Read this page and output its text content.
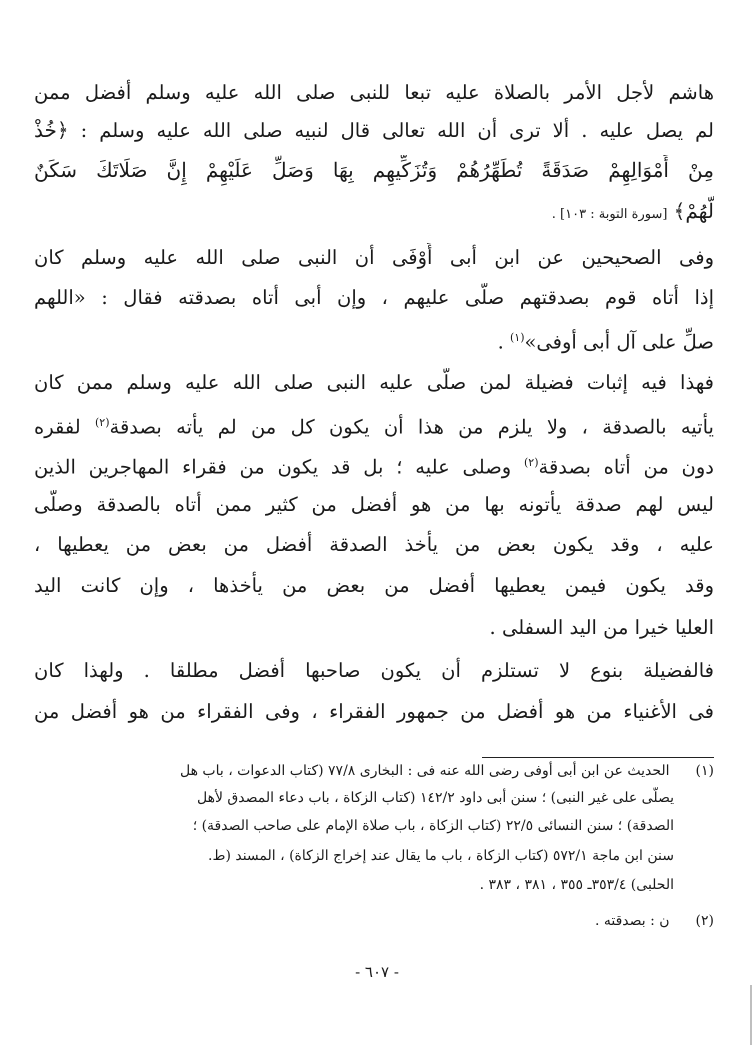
هاشم لأجل الأمر بالصلاة عليه تبعا للنبى صلى الله عليه وسلم أفضل ممن
لم يصل عليه . ألا ترى أن الله تعالى قال لنبيه صلى الله عليه وسلم : ﴿خُذْ
مِنْ أَمْوَالِهِمْ صَدَقَةً تُطَهِّرُهُمْ وَتُزَكِّيهِم بِهَا وَصَلِّ عَلَيْهِمْ إِنَّ صَلَاتَكَ سَكَنٌ
لَّهُمْ﴾ [سورة التوبة : ١٠٣] .
وفى الصحيحين عن ابن أبى أَوْفَى أن النبى صلى الله عليه وسلم كان
إذا أتاه قوم بصدقتهم صلَّى عليهم ، وإن أبى أتاه بصدقته فقال : «اللهم
صلِّ على آل أبى أوفى»$^{(١)}$ .
فهذا فيه إثبات فضيلة لمن صلَّى عليه النبى صلى الله عليه وسلم ممن كان
يأتيه بالصدقة ، ولا يلزم من هذا أن يكون كل من لم يأته بصدقة$^{(٢)}$ لفقره
دون من أتاه بصدقة$^{(٢)}$ وصلى عليه ؛ بل قد يكون من فقراء المهاجرين الذين
ليس لهم صدقة يأتونه بها من هو أفضل من كثير ممن أتاه بالصدقة وصلَّى
عليه ، وقد يكون بعض من يأخذ الصدقة أفضل من بعض من يعطيها ،
وقد يكون فيمن يعطيها أفضل من بعض من يأخذها ، وإن كانت اليد
العليا خيرا من اليد السفلى .
فالفضيلة بنوع لا تستلزم أن يكون صاحبها أفضل مطلقا . ولهذا كان
فى الأغنياء من هو أفضل من جمهور الفقراء ، وفى الفقراء من هو أفضل من
(١) الحديث عن ابن أبى أوفى رضى الله عنه فى : البخارى ٧٧/٨ (كتاب الدعوات ، باب هل
يصلَّى على غير النبى) ؛ سنن أبى داود ١٤٢/٢ (كتاب الزكاة ، باب دعاء المصدق لأهل
الصدقة) ؛ سنن النسائى ٢٢/٥ (كتاب الزكاة ، باب صلاة الإمام على صاحب الصدقة) ؛
سنن ابن ماجة ٥٧٢/١ (كتاب الزكاة ، باب ما يقال عند إخراج الزكاة) ، المسند (ط.
الحلبى) ٣٥٣/٤ـ ٣٥٥ ، ٣٨١ ، ٣٨٣ .
(٢) ن : بصدقته .
- ٦٠٧ -
